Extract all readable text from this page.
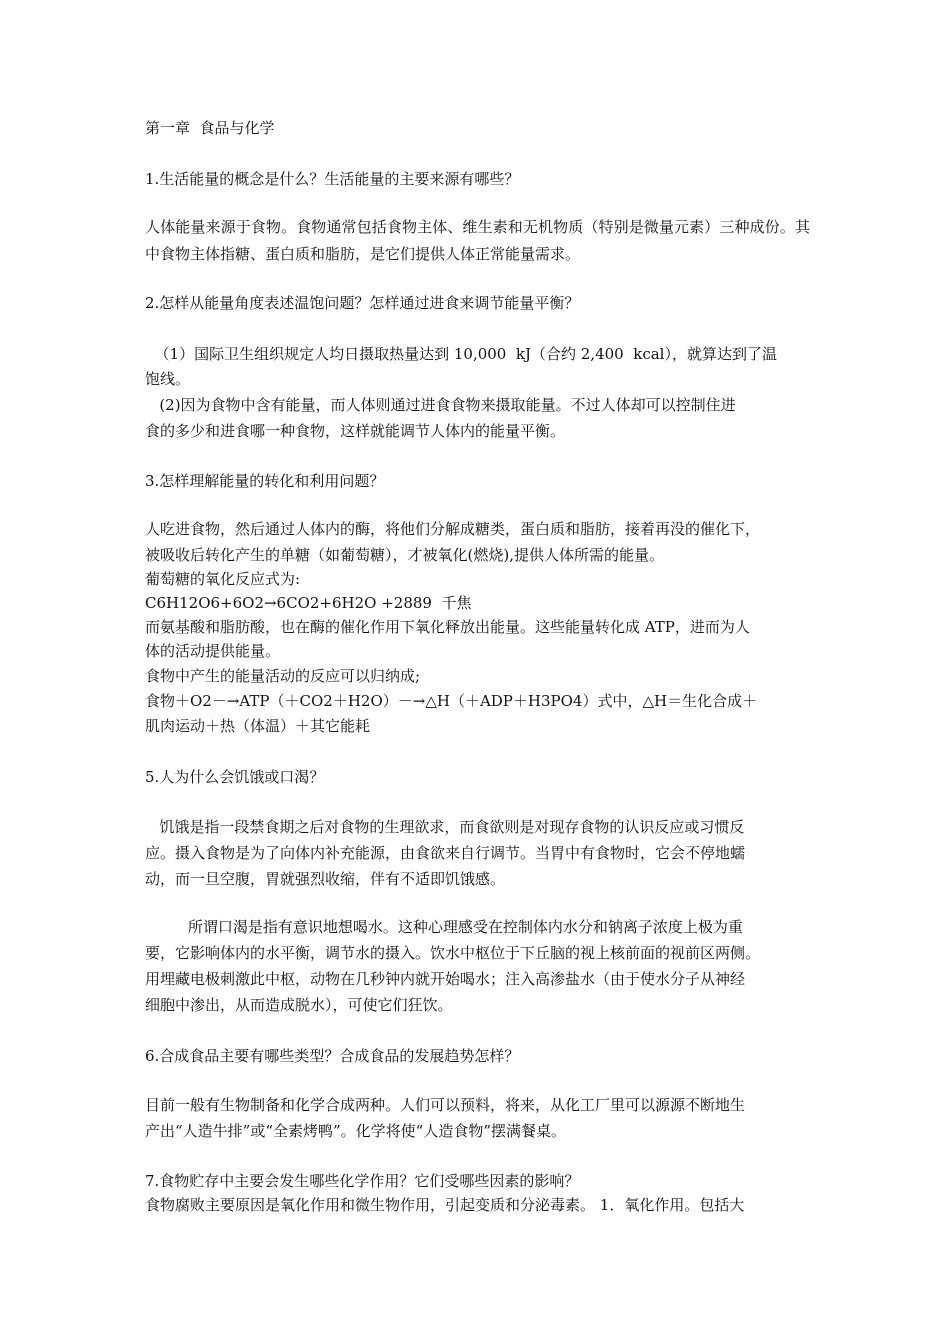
第一章  食品与化学

1.生活能量的概念是什么？生活能量的主要来源有哪些？

人体能量来源于食物。食物通常包括食物主体、维生素和无机物质（特别是微量元素）三种成份。其中食物主体指糖、蛋白质和脂肪，是它们提供人体正常能量需求。

2.怎样从能量角度表述温饱问题？怎样通过进食来调节能量平衡？

（1）国际卫生组织规定人均日摄取热量达到 10,000  kJ（合约 2,400  kcal），就算达到了温

饱线。

(2)因为食物中含有能量，而人体则通过进食食物来摄取能量。不过人体却可以控制住进

食的多少和进食哪一种食物，这样就能调节人体内的能量平衡。

3.怎样理解能量的转化和利用问题？

人吃进食物，然后通过人体内的酶，将他们分解成糖类，蛋白质和脂肪，接着再没的催化下，

被吸收后转化产生的单糖（如葡萄糖），才被氧化(燃烧),提供人体所需的能量。

葡萄糖的氧化反应式为:

C6H12O6+6O2→6CO2+6H2O +2889  千焦

而氨基酸和脂肪酸，也在酶的催化作用下氧化释放出能量。这些能量转化成 ATP，进而为人

体的活动提供能量。

食物中产生的能量活动的反应可以归纳成;

食物＋O2－→ATP（＋CO2＋H2O）－→△H（＋ADP＋H3PO4）式中，△H＝生化合成＋

肌肉运动＋热（体温）＋其它能耗

5.人为什么会饥饿或口渴？

饥饿是指一段禁食期之后对食物的生理欲求，而食欲则是对现存食物的认识反应或习惯反

应。摄入食物是为了向体内补充能源，由食欲来自行调节。当胃中有食物时，它会不停地蠕

动，而一旦空腹，胃就强烈收缩，伴有不适即饥饿感。

所谓口渴是指有意识地想喝水。这种心理感受在控制体内水分和钠离子浓度上极为重

要，它影响体内的水平衡，调节水的摄入。饮水中枢位于下丘脑的视上核前面的视前区两侧。

用埋藏电极刺激此中枢，动物在几秒钟内就开始喝水；注入高渗盐水（由于使水分子从神经

细胞中渗出，从而造成脱水），可使它们狂饮。

6.合成食品主要有哪些类型？合成食品的发展趋势怎样？

目前一般有生物制备和化学合成两种。人们可以预料，将来，从化工厂里可以源源不断地生

产出“人造牛排”或“全素烤鸭”。化学将使“人造食物”摆满餐桌。

7.食物贮存中主要会发生哪些化学作用？它们受哪些因素的影响？

食物腐败主要原因是氧化作用和微生物作用，引起变质和分泌毒素。 1．氧化作用。包括大
